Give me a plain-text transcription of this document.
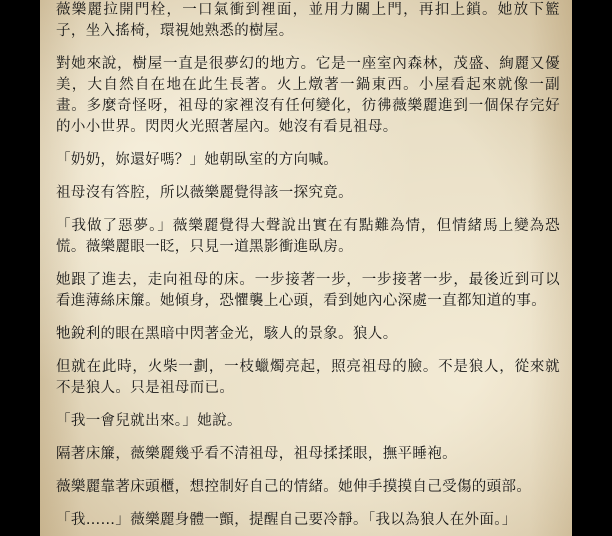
薇樂麗拉開門栓，一口氣衝到裡面，並用力關上門，再扣上鎖。她放下籃子，坐入搖椅，環視她熟悉的樹屋。

對她來說，樹屋一直是很夢幻的地方。它是一座室內森林，茂盛、絢麗又優美，大自然自在地在此生長著。火上燉著一鍋東西。小屋看起來就像一副畫。多麼奇怪呀，祖母的家裡沒有任何變化，彷彿薇樂麗進到一個保存完好的小小世界。閃閃火光照著屋內。她沒有看見祖母。

「奶奶，妳還好嗎？」她朝臥室的方向喊。

祖母沒有答腔，所以薇樂麗覺得該一探究竟。

「我做了惡夢。」薇樂麗覺得大聲說出實在有點難為情，但情緒馬上變為恐慌。薇樂麗眼一眨，只見一道黑影衝進臥房。

她跟了進去，走向祖母的床。一步接著一步，一步接著一步，最後近到可以看進薄絲床簾。她傾身，恐懼襲上心頭，看到她內心深處一直都知道的事。

牠銳利的眼在黑暗中閃著金光，駭人的景象。狼人。

但就在此時，火柴一劃，一枝蠟燭亮起，照亮祖母的臉。不是狼人，從來就不是狼人。只是祖母而已。

「我一會兒就出來。」她說。

隔著床簾，薇樂麗幾乎看不清祖母，祖母揉揉眼，撫平睡袍。

薇樂麗靠著床頭櫃，想控制好自己的情緒。她伸手摸摸自己受傷的頭部。

「我……」薇樂麗身體一顫，提醒自己要冷靜。「我以為狼人在外面。」
